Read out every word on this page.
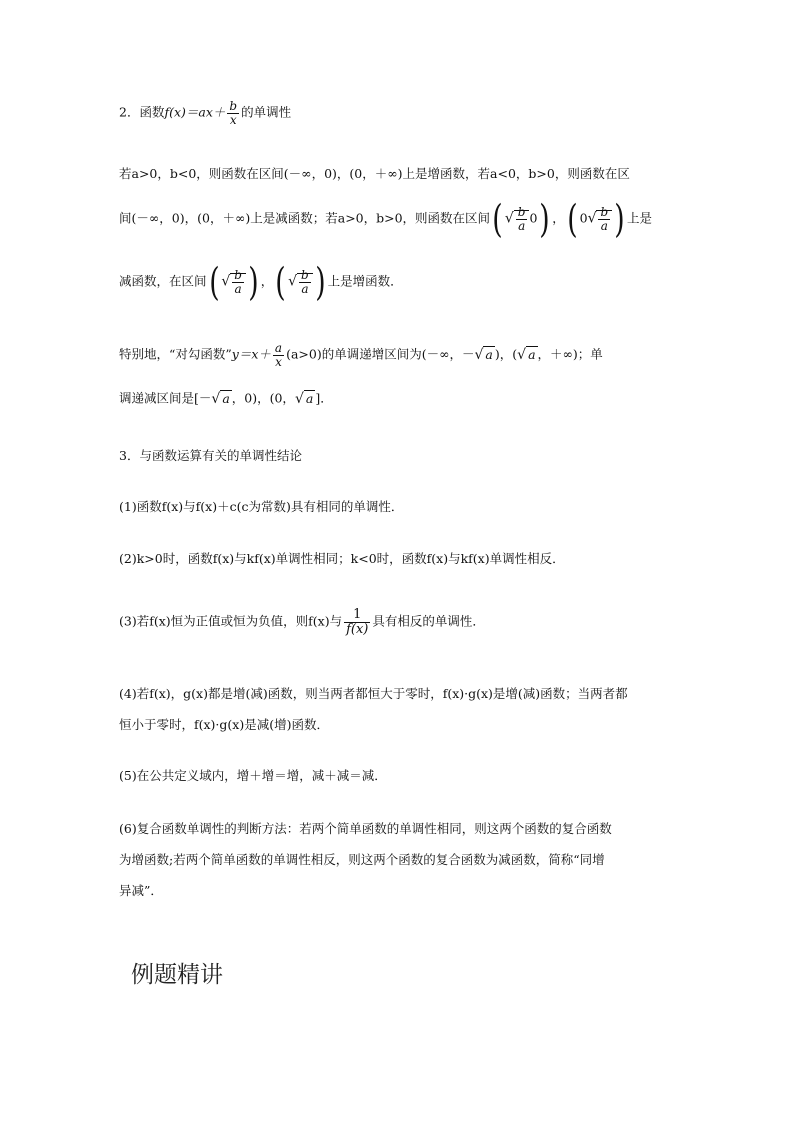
2．函数$f(x)=ax+ \frac{b}{x}$ 的单调性
若a>0，b<0，则函数在区间(－∞，0)，(0，＋∞)上是增函数，若a<0，b>0，则函数在区
间(－∞，0)，(0，＋∞)上是减函数；若a>0，b>0，则函数在区间( √ $\frac{b}{a} 0$) ，( $0√ \frac{b}{a}$ ) 上是
减函数，在区间( √ $\frac{b}{a}$ ) ，( √ $\frac{b}{a}$ ) 上是增函数．
特别地，“对勾函数”y＝x＋ $\frac{a}{x} (a>0)$的单调递增区间为(－∞，－√ a )，(√ a ，＋∞)；单
调递减区间是[－√ a ，0)，(0，√ a ]．
3．与函数运算有关的单调性结论
(1)函数f(x)与f(x)＋c(c为常数)具有相同的单调性．
(2)k>0时，函数f(x)与kf(x)单调性相同；k<0时，函数f(x)与kf(x)单调性相反．
(3)若f(x)恒为正值或恒为负值，则f(x)与 $\frac{1}{f(x)}$ 具有相反的单调性．
(4)若f(x)，g(x)都是增(减)函数，则当两者都恒大于零时，f(x)·g(x)是增(减)函数；当两者都
恒小于零时，f(x)·g(x)是减(增)函数．
(5)在公共定义域内，增＋增＝增，减＋减＝减．
(6)复合函数单调性的判断方法：若两个简单函数的单调性相同，则这两个函数的复合函数
为增函数;若两个简单函数的单调性相反，则这两个函数的复合函数为减函数，简称“同增
异减”．
例题精讲
